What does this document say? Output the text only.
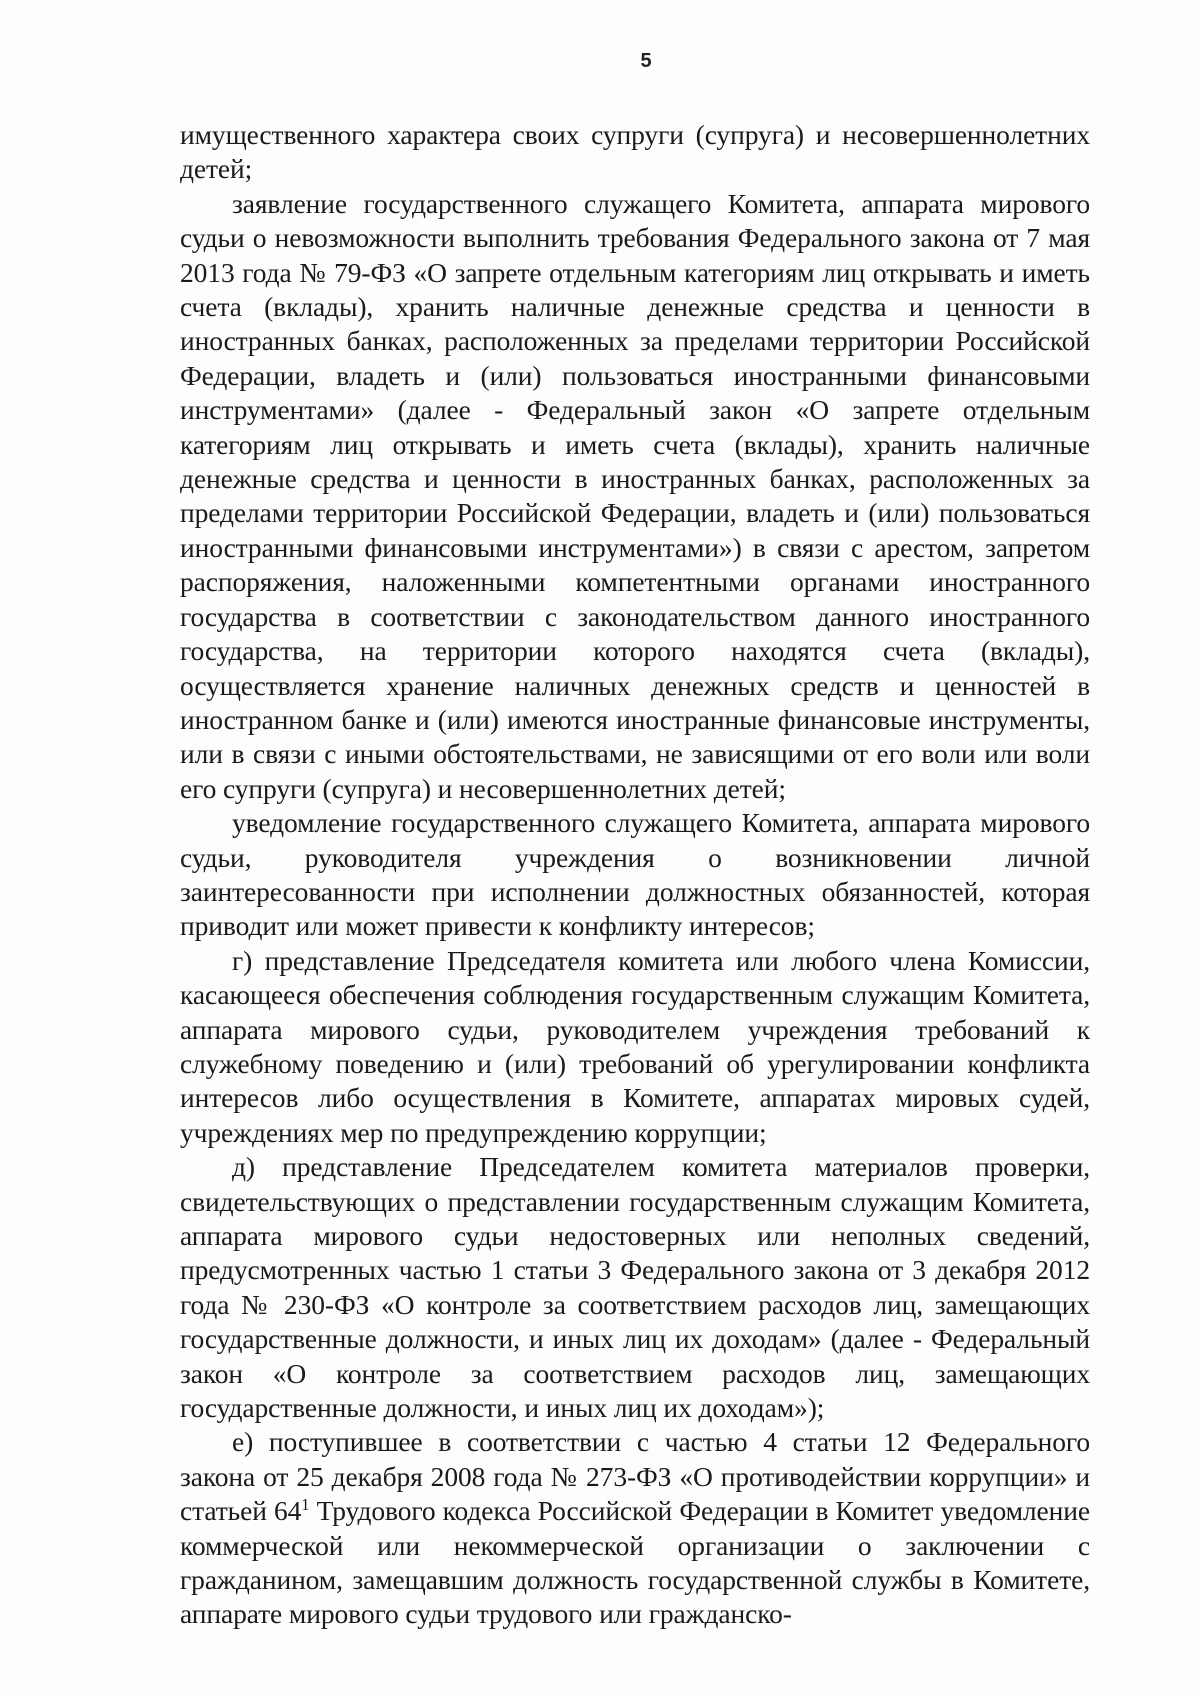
5

имущественного характера своих супруги (супруга) и несовершеннолетних детей;

заявление государственного служащего Комитета, аппарата мирового судьи о невозможности выполнить требования Федерального закона от 7 мая 2013 года № 79-ФЗ «О запрете отдельным категориям лиц открывать и иметь счета (вклады), хранить наличные денежные средства и ценности в иностранных банках, расположенных за пределами территории Российской Федерации, владеть и (или) пользоваться иностранными финансовыми инструментами» (далее - Федеральный закон «О запрете отдельным категориям лиц открывать и иметь счета (вклады), хранить наличные денежные средства и ценности в иностранных банках, расположенных за пределами территории Российской Федерации, владеть и (или) пользоваться иностранными финансовыми инструментами») в связи с арестом, запретом распоряжения, наложенными компетентными органами иностранного государства в соответствии с законодательством данного иностранного государства, на территории которого находятся счета (вклады), осуществляется хранение наличных денежных средств и ценностей в иностранном банке и (или) имеются иностранные финансовые инструменты, или в связи с иными обстоятельствами, не зависящими от его воли или воли его супруги (супруга) и несовершеннолетних детей;

уведомление государственного служащего Комитета, аппарата мирового судьи, руководителя учреждения о возникновении личной заинтересованности при исполнении должностных обязанностей, которая приводит или может привести к конфликту интересов;

г) представление Председателя комитета или любого члена Комиссии, касающееся обеспечения соблюдения государственным служащим Комитета, аппарата мирового судьи, руководителем учреждения требований к служебному поведению и (или) требований об урегулировании конфликта интересов либо осуществления в Комитете, аппаратах мировых судей, учреждениях мер по предупреждению коррупции;

д) представление Председателем комитета материалов проверки, свидетельствующих о представлении государственным служащим Комитета, аппарата мирового судьи недостоверных или неполных сведений, предусмотренных частью 1 статьи 3 Федерального закона от 3 декабря 2012 года № 230-ФЗ «О контроле за соответствием расходов лиц, замещающих государственные должности, и иных лиц их доходам» (далее - Федеральный закон «О контроле за соответствием расходов лиц, замещающих государственные должности, и иных лиц их доходам»);

е) поступившее в соответствии с частью 4 статьи 12 Федерального закона от 25 декабря 2008 года № 273-ФЗ «О противодействии коррупции» и статьей $64^1$ Трудового кодекса Российской Федерации в Комитет уведомление коммерческой или некоммерческой организации о заключении с гражданином, замещавшим должность государственной службы в Комитете, аппарате мирового судьи трудового или гражданско-
